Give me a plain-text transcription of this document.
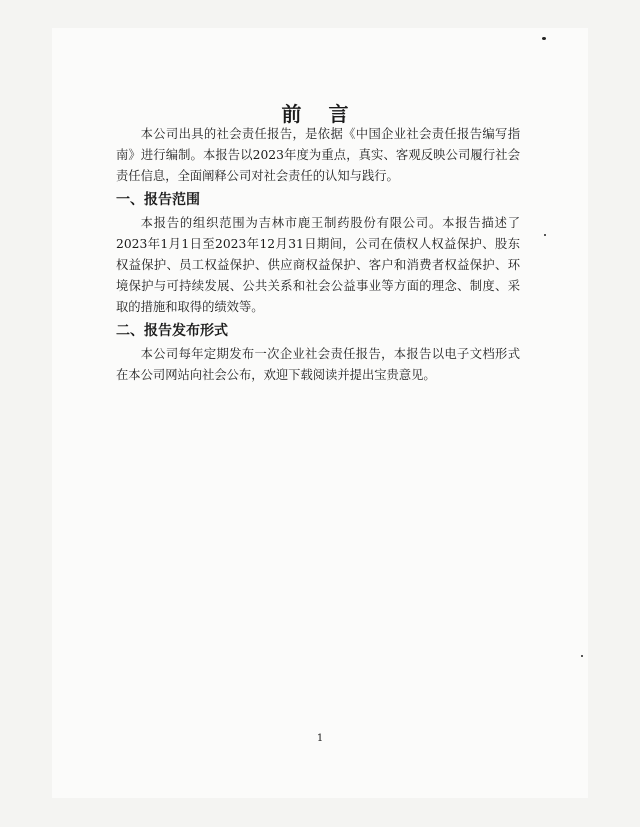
前 言

本公司出具的社会责任报告，是依据《中国企业社会责任报告编写指南》进行编制。本报告以2023年度为重点，真实、客观反映公司履行社会责任信息，全面阐释公司对社会责任的认知与践行。

一、报告范围

本报告的组织范围为吉林市鹿王制药股份有限公司。本报告描述了2023年1月1日至2023年12月31日期间，公司在债权人权益保护、股东权益保护、员工权益保护、供应商权益保护、客户和消费者权益保护、环境保护与可持续发展、公共关系和社会公益事业等方面的理念、制度、采取的措施和取得的绩效等。

二、报告发布形式

本公司每年定期发布一次企业社会责任报告，本报告以电子文档形式在本公司网站向社会公布，欢迎下载阅读并提出宝贵意见。

1
